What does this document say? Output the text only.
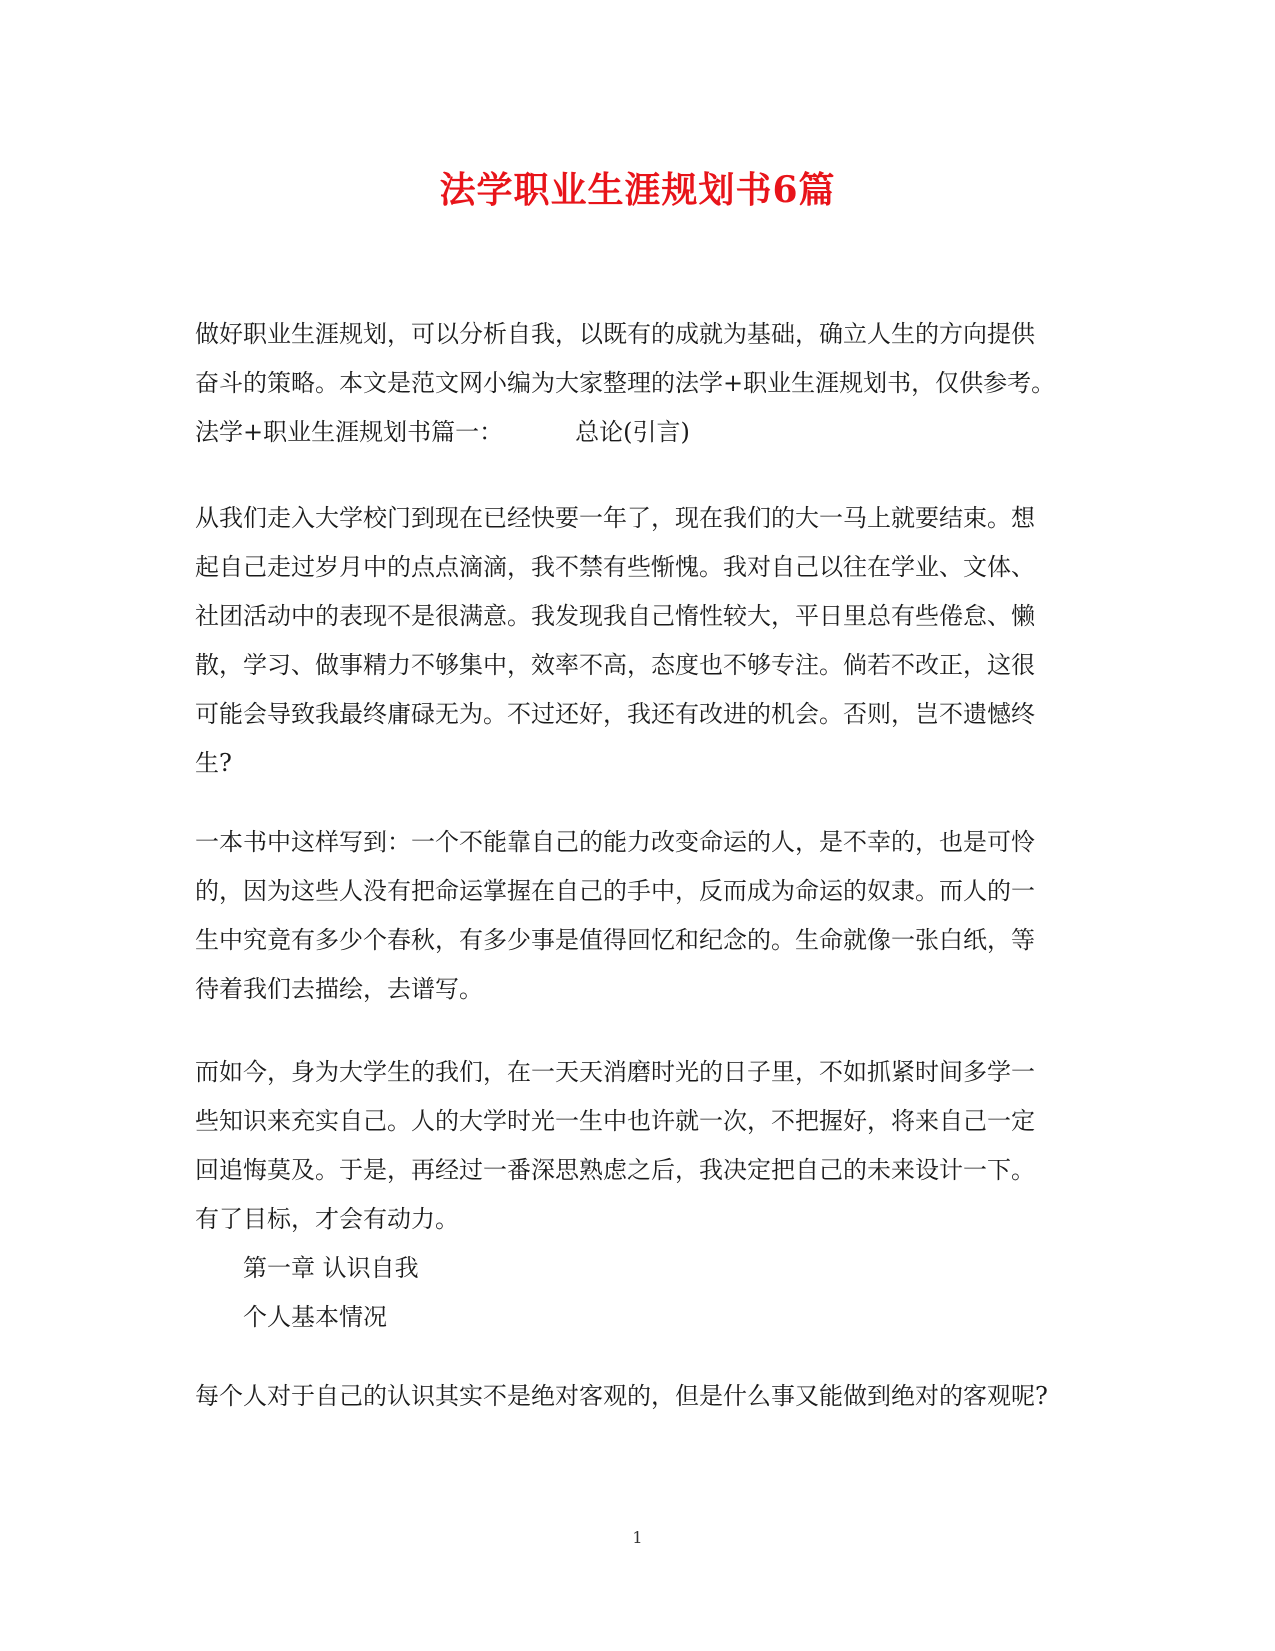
法学职业生涯规划书6篇
做好职业生涯规划，可以分析自我，以既有的成就为基础，确立人生的方向提供
奋斗的策略。本文是范文网小编为大家整理的法学+职业生涯规划书，仅供参考。
法学+职业生涯规划书篇一：	总论(引言)
从我们走入大学校门到现在已经快要一年了，现在我们的大一马上就要结束。想
起自己走过岁月中的点点滴滴，我不禁有些惭愧。我对自己以往在学业、文体、
社团活动中的表现不是很满意。我发现我自己惰性较大，平日里总有些倦怠、懒
散，学习、做事精力不够集中，效率不高，态度也不够专注。倘若不改正，这很
可能会导致我最终庸碌无为。不过还好，我还有改进的机会。否则，岂不遗憾终
生?
一本书中这样写到：一个不能靠自己的能力改变命运的人，是不幸的，也是可怜
的，因为这些人没有把命运掌握在自己的手中，反而成为命运的奴隶。而人的一
生中究竟有多少个春秋，有多少事是值得回忆和纪念的。生命就像一张白纸，等
待着我们去描绘，去谱写。
而如今，身为大学生的我们，在一天天消磨时光的日子里，不如抓紧时间多学一
些知识来充实自己。人的大学时光一生中也许就一次，不把握好，将来自己一定
回追悔莫及。于是，再经过一番深思熟虑之后，我决定把自己的未来设计一下。
有了目标，才会有动力。
第一章 认识自我
个人基本情况
每个人对于自己的认识其实不是绝对客观的，但是什么事又能做到绝对的客观呢?
1
